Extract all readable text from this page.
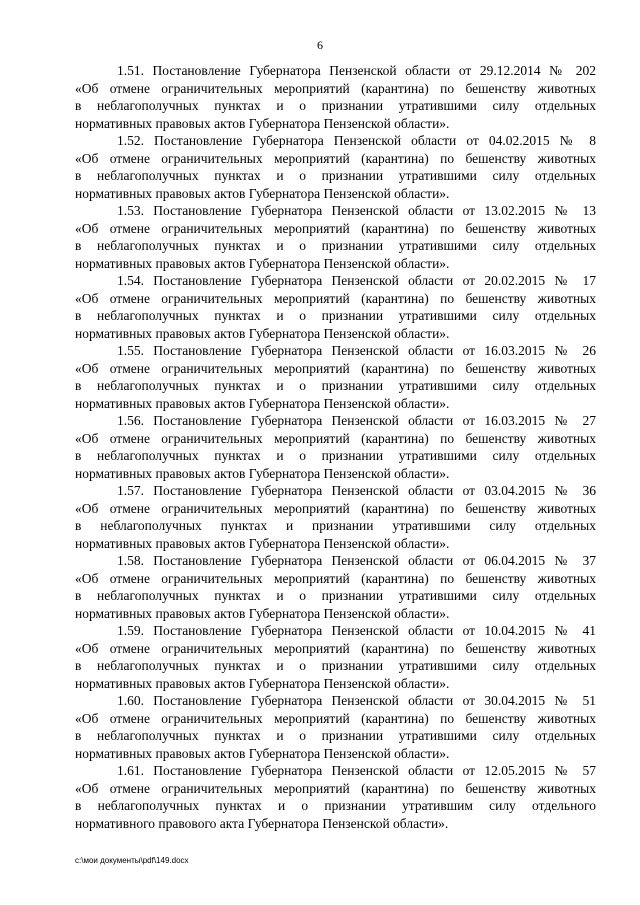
6

1.51. Постановление Губернатора Пензенской области от 29.12.2014 № 202

«Об отмене ограничительных мероприятий (карантина) по бешенству животных

в неблагополучных пунктах и о признании утратившими силу отдельных

нормативных правовых актов Губернатора Пензенской области».

1.52. Постановление Губернатора Пензенской области от 04.02.2015 № 8

«Об отмене ограничительных мероприятий (карантина) по бешенству животных

в неблагополучных пунктах и о признании утратившими силу отдельных

нормативных правовых актов Губернатора Пензенской области».

1.53. Постановление Губернатора Пензенской области от 13.02.2015 № 13

«Об отмене ограничительных мероприятий (карантина) по бешенству животных

в неблагополучных пунктах и о признании утратившими силу отдельных

нормативных правовых актов Губернатора Пензенской области».

1.54. Постановление Губернатора Пензенской области от 20.02.2015 № 17

«Об отмене ограничительных мероприятий (карантина) по бешенству животных

в неблагополучных пунктах и о признании утратившими силу отдельных

нормативных правовых актов Губернатора Пензенской области».

1.55. Постановление Губернатора Пензенской области от 16.03.2015 № 26

«Об отмене ограничительных мероприятий (карантина) по бешенству животных

в неблагополучных пунктах и о признании утратившими силу отдельных

нормативных правовых актов Губернатора Пензенской области».

1.56. Постановление Губернатора Пензенской области от 16.03.2015 № 27

«Об отмене ограничительных мероприятий (карантина) по бешенству животных

в неблагополучных пунктах и о признании утратившими силу отдельных

нормативных правовых актов Губернатора Пензенской области».

1.57. Постановление Губернатора Пензенской области от 03.04.2015 № 36

«Об отмене ограничительных мероприятий (карантина) по бешенству животных

в неблагополучных пунктах и признании утратившими силу отдельных

нормативных правовых актов Губернатора Пензенской области».

1.58. Постановление Губернатора Пензенской области от 06.04.2015 № 37

«Об отмене ограничительных мероприятий (карантина) по бешенству животных

в неблагополучных пунктах и о признании утратившими силу отдельных

нормативных правовых актов Губернатора Пензенской области».

1.59. Постановление Губернатора Пензенской области от 10.04.2015 № 41

«Об отмене ограничительных мероприятий (карантина) по бешенству животных

в неблагополучных пунктах и о признании утратившими силу отдельных

нормативных правовых актов Губернатора Пензенской области».

1.60. Постановление Губернатора Пензенской области от 30.04.2015 № 51

«Об отмене ограничительных мероприятий (карантина) по бешенству животных

в неблагополучных пунктах и о признании утратившими силу отдельных

нормативных правовых актов Губернатора Пензенской области».

1.61. Постановление Губернатора Пензенской области от 12.05.2015 № 57

«Об отмене ограничительных мероприятий (карантина) по бешенству животных

в неблагополучных пунктах и о признании утратившим силу отдельного

нормативного правового акта Губернатора Пензенской области».

c:\мои документы\pdf\149.docx
